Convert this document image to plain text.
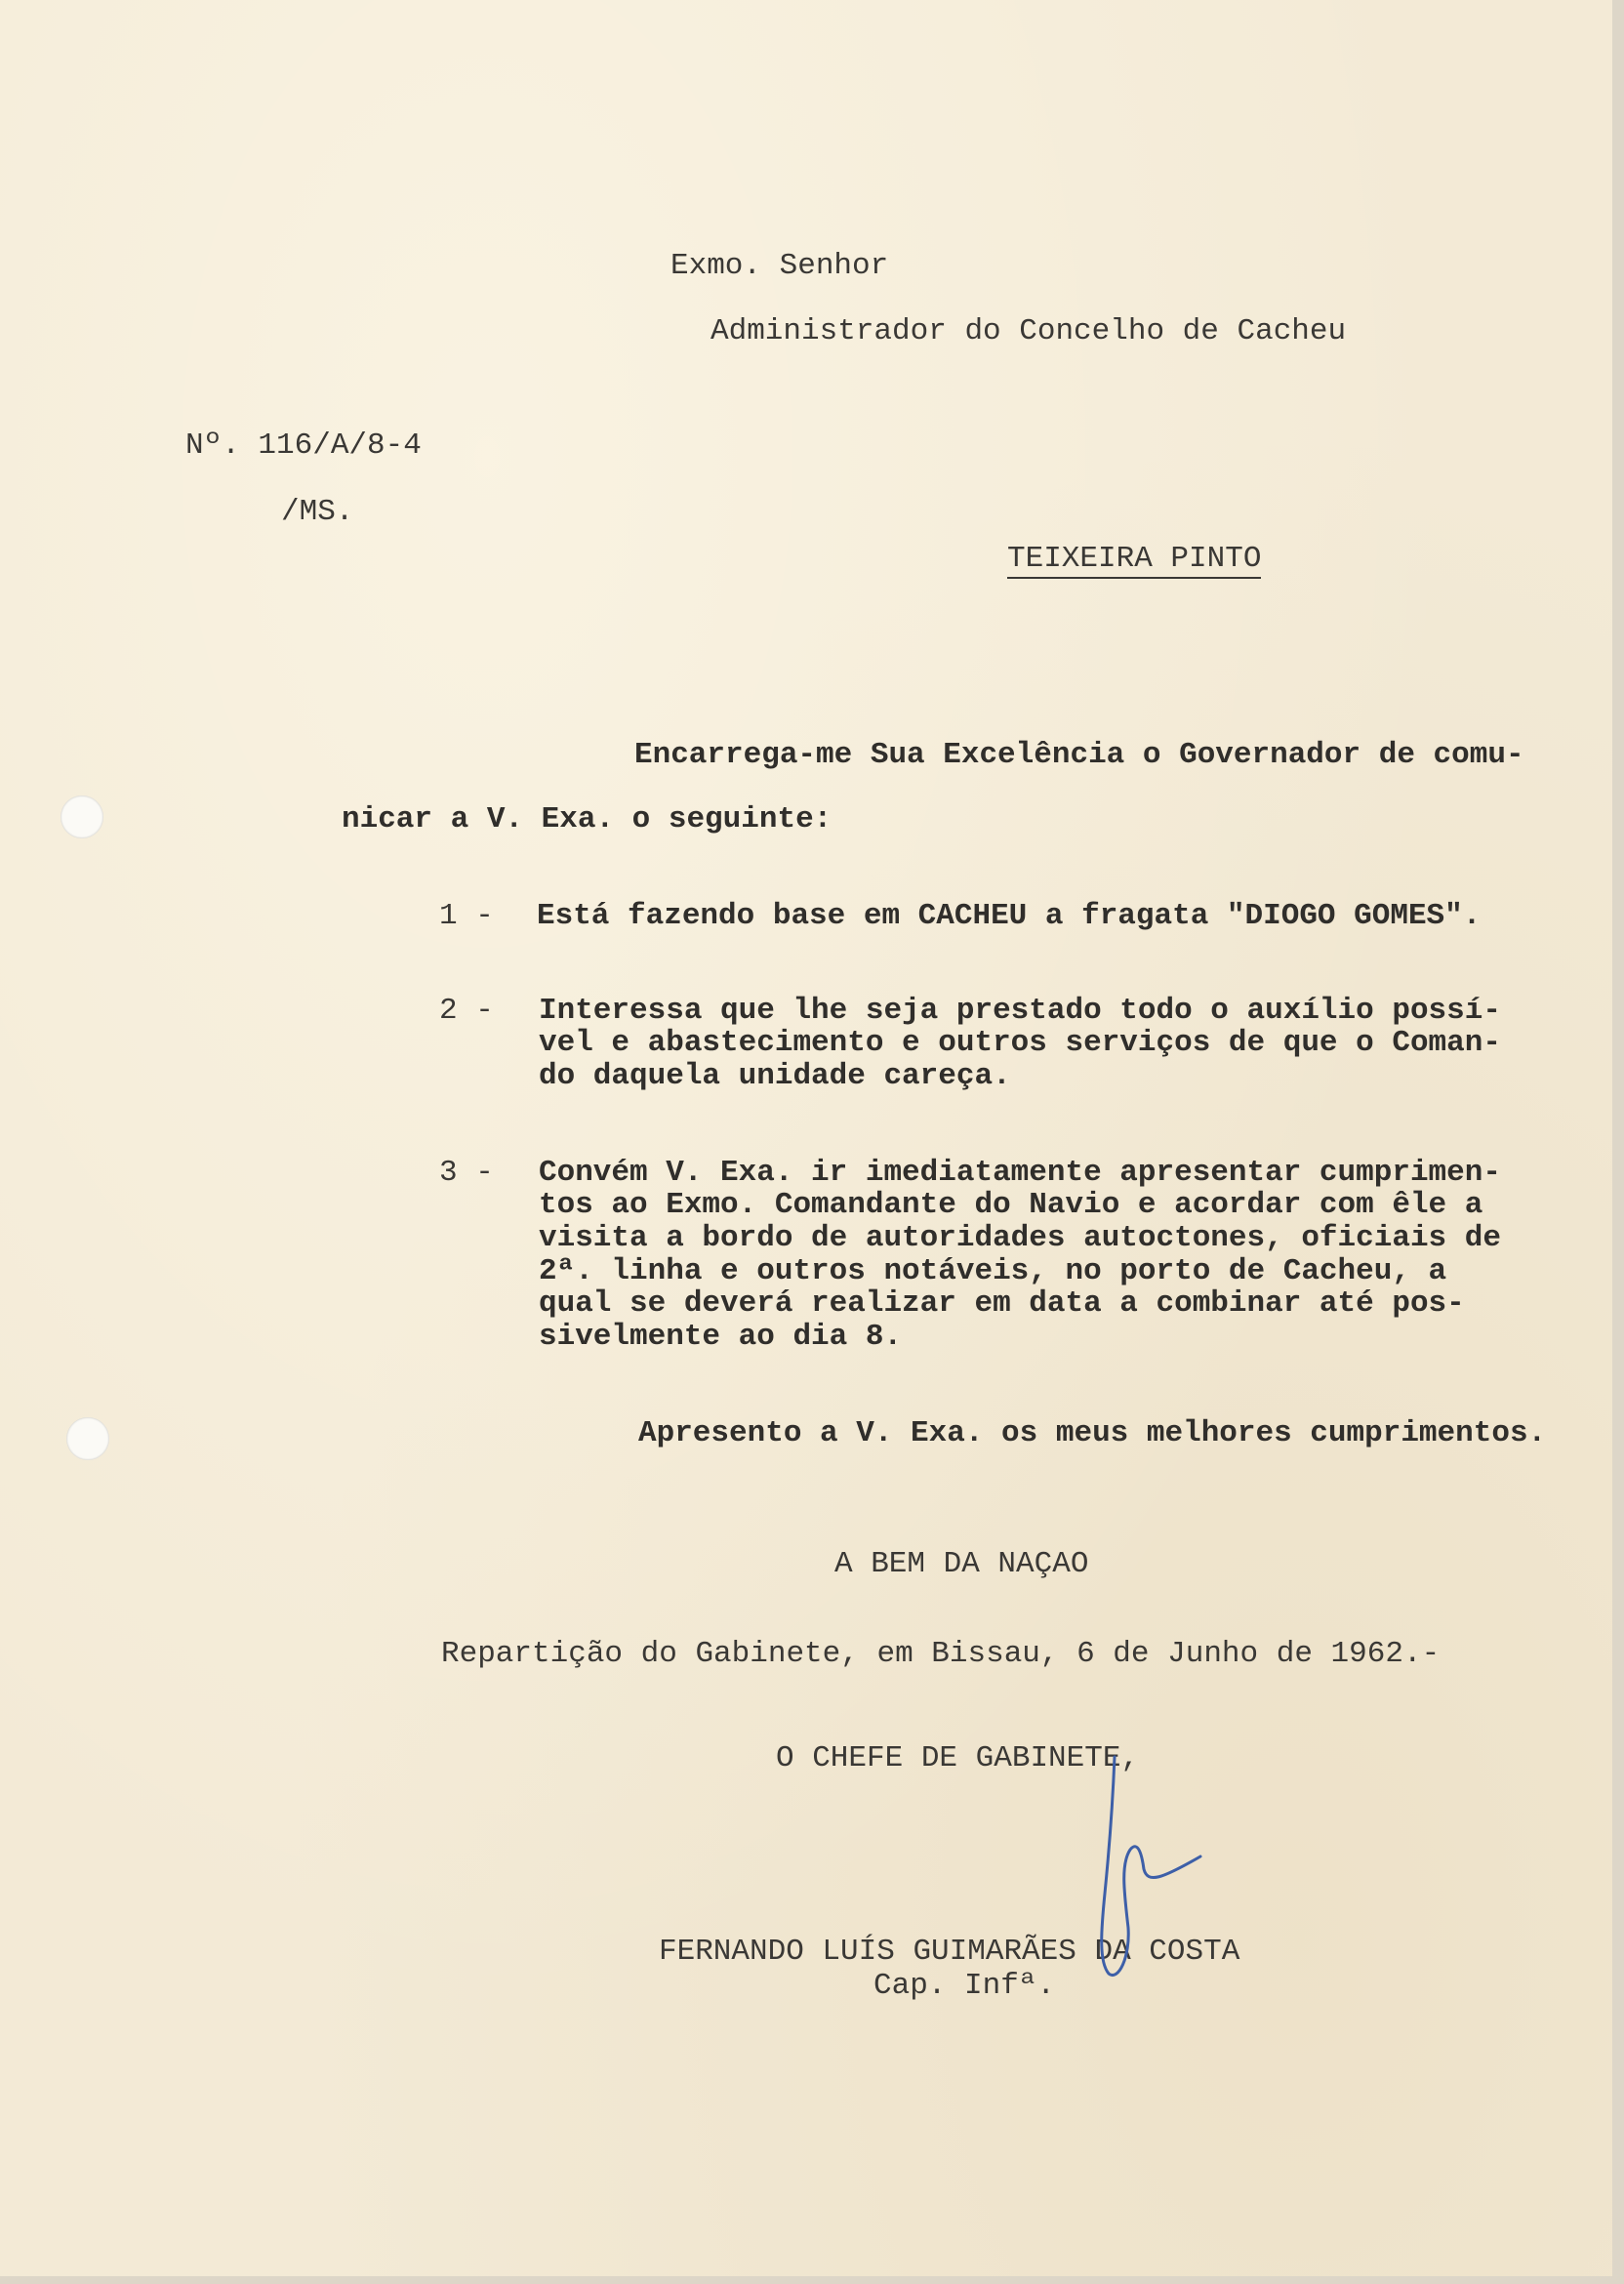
Exmo. Senhor
Administrador do Concelho de Cacheu
Nº. 116/A/8-4
/MS.
TEIXEIRA PINTO
Encarrega-me Sua Excelência o Governador de comu-
nicar a V. Exa. o seguinte:
1 - Está fazendo base em CACHEU a fragata "DIOGO GOMES".
2 - Interessa que lhe seja prestado todo o auxílio possí-
vel e abastecimento e outros serviços de que o Coman-
do daquela unidade careça.
3 - Convém V. Exa. ir imediatamente apresentar cumprimen-
tos ao Exmo. Comandante do Navio e acordar com êle a
visita a bordo de autoridades autoctones, oficiais de
2ª. linha e outros notáveis, no porto de Cacheu, a
qual se deverá realizar em data a combinar até pos-
sivelmente ao dia 8.
Apresento a V. Exa. os meus melhores cumprimentos.
A BEM DA NAÇAO
Repartição do Gabinete, em Bissau, 6 de Junho de 1962.-
O CHEFE DE GABINETE,
FERNANDO LUÍS GUIMARÃES DA COSTA
Cap. Infª.
